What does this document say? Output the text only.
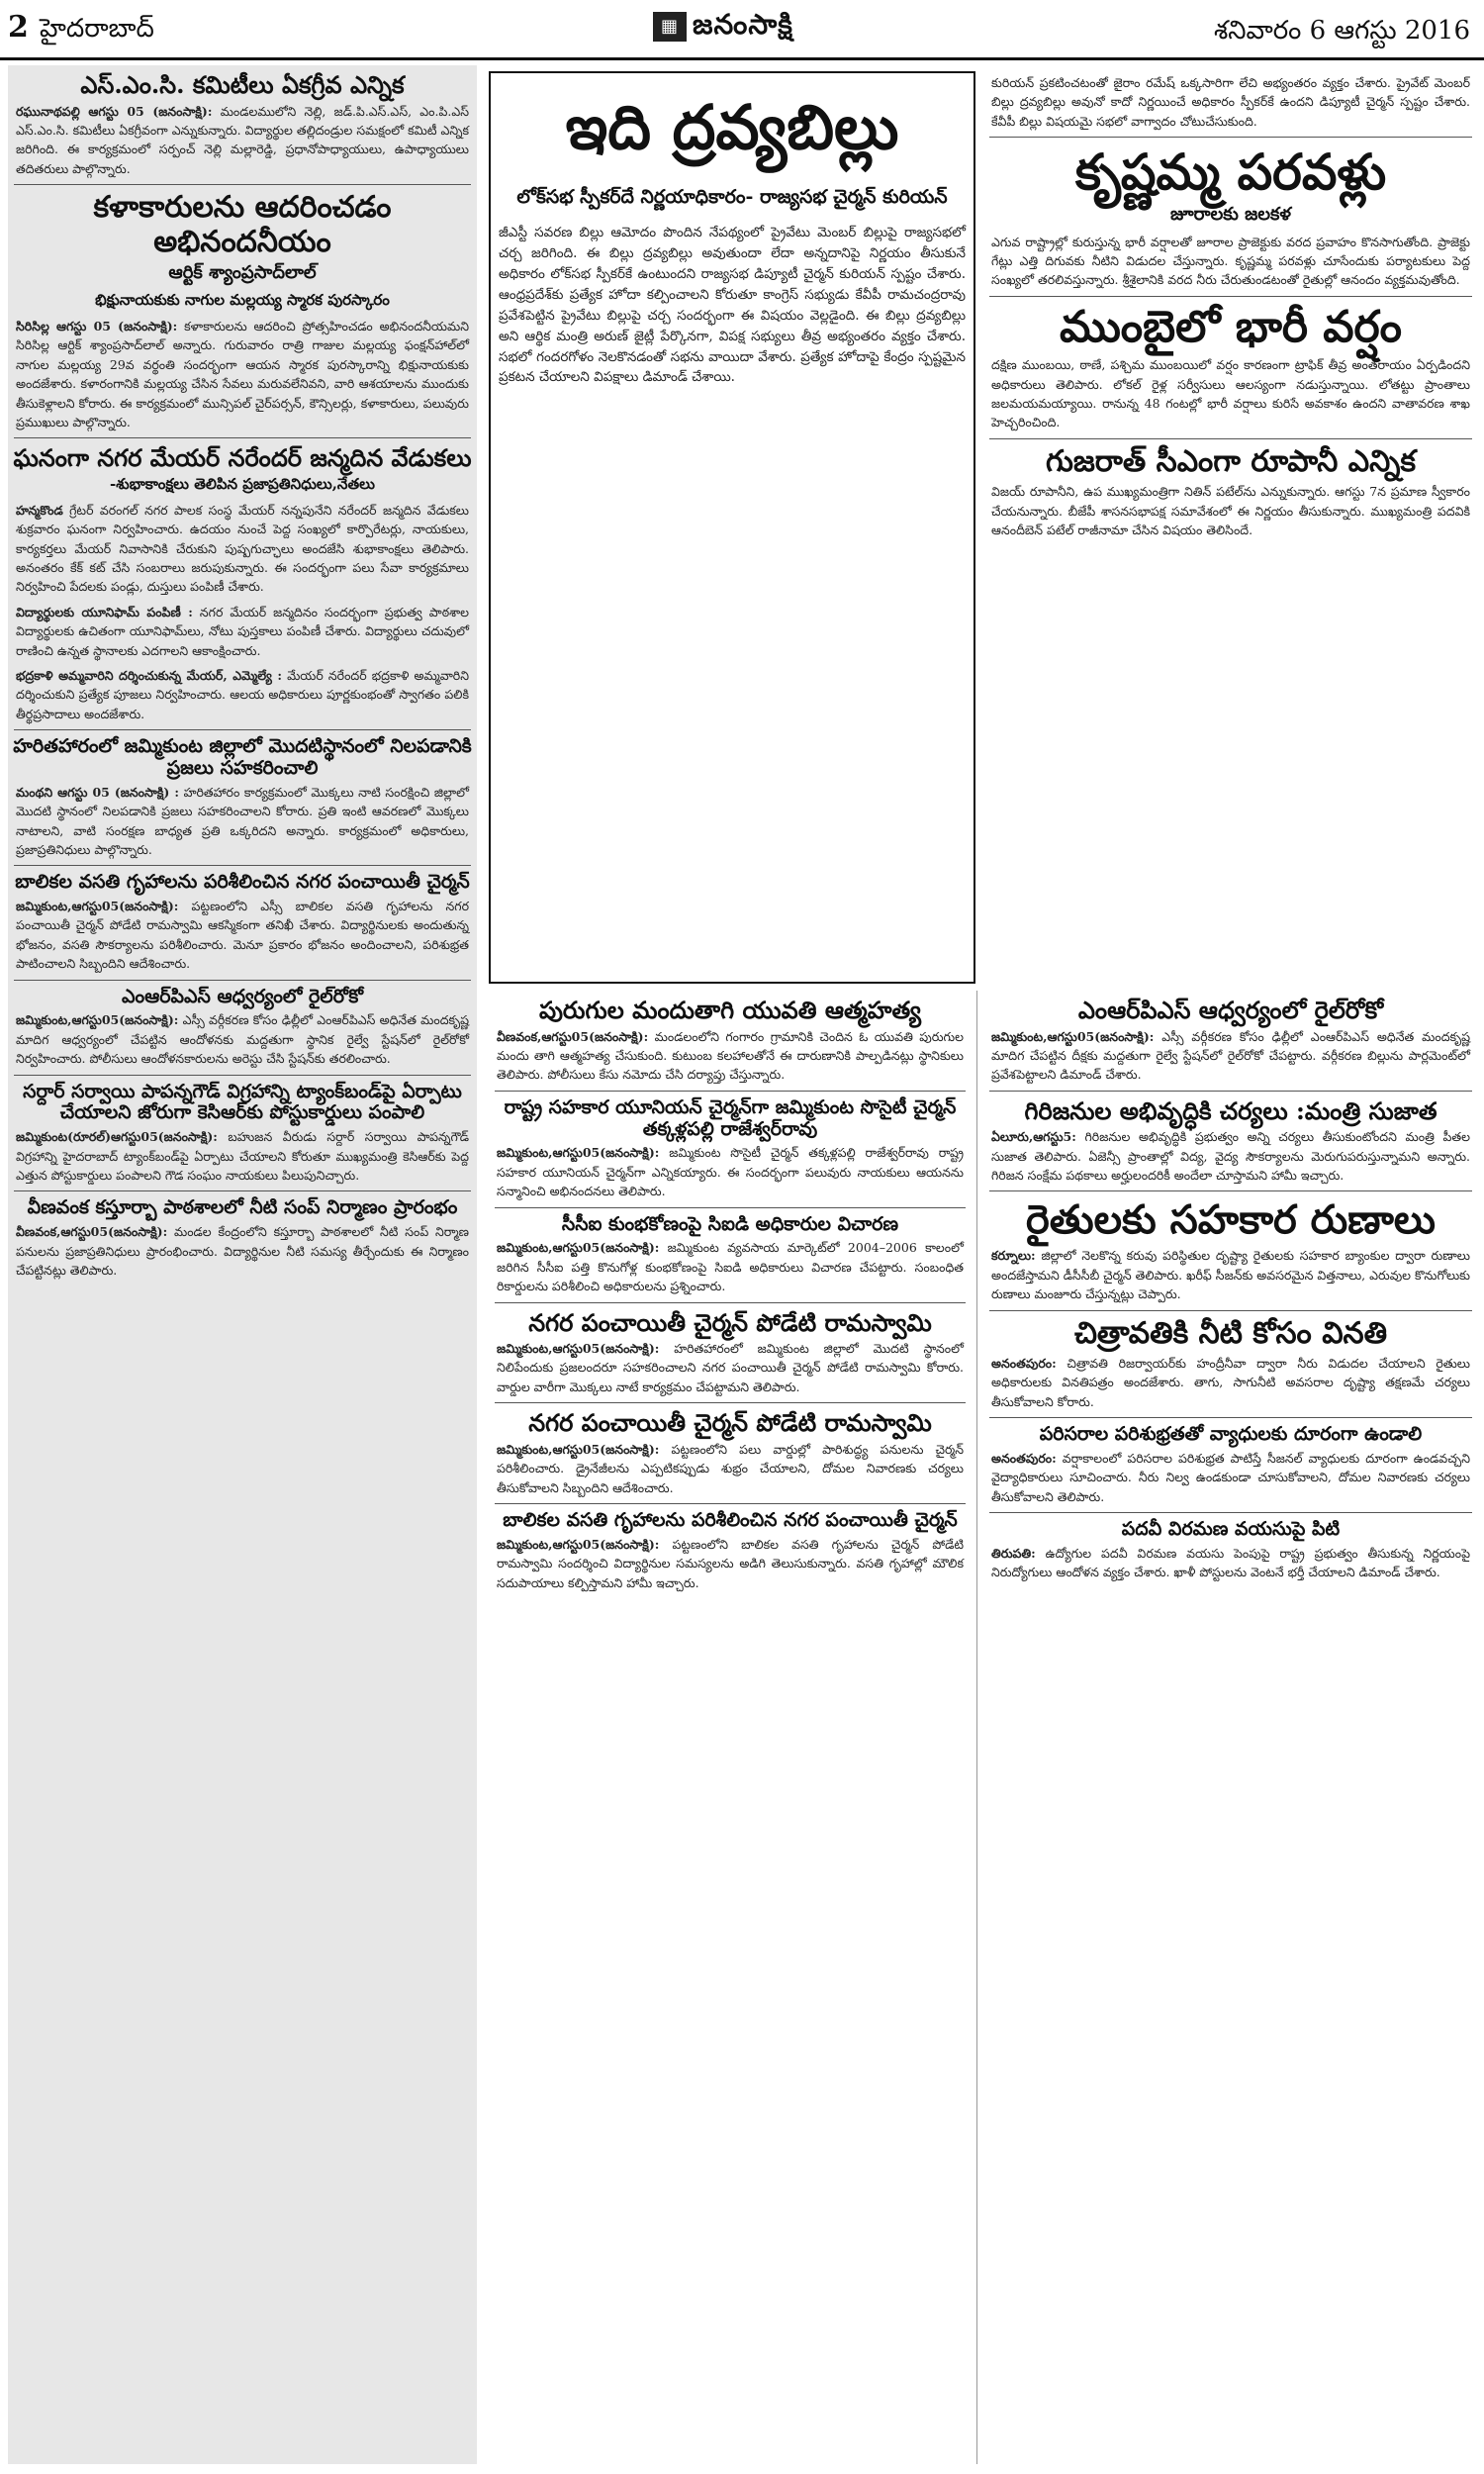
2 హైదరాబాద్	▦ జనంసాక్షి	శనివారం 6 ఆగస్టు 2016
ఎస్‌.ఎం.సి. కమిటీలు ఏకగ్రీవ ఎన్నిక
రఘునాథపల్లి ఆగస్టు 05 (జనంసాక్షి): మండలములోని నెల్లి, జడ్‌.పి.ఎస్‌.ఎస్‌, ఎం.పి.ఎస్‌ ఎస్‌.ఎం.సి. కమిటీలు ఏకగ్రీవంగా ఎన్నుకున్నారు. విద్యార్థుల తల్లిదండ్రుల సమక్షంలో కమిటీ ఎన్నిక జరిగింది. ఈ కార్యక్రమంలో సర్పంచ్‌ నెల్లి మల్లారెడ్డి, ప్రధానోపాధ్యాయులు, ఉపాధ్యాయులు తదితరులు పాల్గొన్నారు.
కళాకారులను ఆదరించడం అభినందనీయం
ఆర్టిక్‌ శ్యాంప్రసాద్‌లాల్‌
భిక్షునాయకుకు నాగుల మల్లయ్య స్మారక పురస్కారం
సిరిసిల్ల ఆగస్టు 05 (జనంసాక్షి): కళాకారులను ఆదరించి ప్రోత్సహించడం అభినందనీయమని సిరిసిల్ల ఆర్టిక్‌ శ్యాంప్రసాద్‌లాల్‌ అన్నారు. గురువారం రాత్రి గాజుల మల్లయ్య ఫంక్షన్‌హాల్‌లో నాగుల మల్లయ్య 29వ వర్థంతి సందర్భంగా ఆయన స్మారక పురస్కారాన్ని భిక్షునాయకుకు అందజేశారు. కళారంగానికి మల్లయ్య చేసిన సేవలు మరువలేనివని, వారి ఆశయాలను ముందుకు తీసుకెళ్లాలని కోరారు. ఈ కార్యక్రమంలో మున్సిపల్‌ చైర్‌పర్సన్‌, కౌన్సిలర్లు, కళాకారులు, పలువురు ప్రముఖులు పాల్గొన్నారు.
ఘనంగా నగర మేయర్‌ నరేందర్‌ జన్మదిన వేడుకలు
-శుభాకాంక్షలు తెలిపిన ప్రజాప్రతినిధులు,నేతలు
హన్మకొండ గ్రేటర్‌ వరంగల్‌ నగర పాలక సంస్థ మేయర్‌ నన్నపునేని నరేందర్‌ జన్మదిన వేడుకలు శుక్రవారం ఘనంగా నిర్వహించారు. ఉదయం నుంచే పెద్ద సంఖ్యలో కార్పొరేటర్లు, నాయకులు, కార్యకర్తలు మేయర్‌ నివాసానికి చేరుకుని పుష్పగుచ్ఛాలు అందజేసి శుభాకాంక్షలు తెలిపారు. అనంతరం కేక్‌ కట్‌ చేసి సంబరాలు జరుపుకున్నారు. ఈ సందర్భంగా పలు సేవా కార్యక్రమాలు నిర్వహించి పేదలకు పండ్లు, దుస్తులు పంపిణీ చేశారు.
విద్యార్థులకు యూనిఫామ్‌ పంపిణీ : నగర మేయర్‌ జన్మదినం సందర్భంగా ప్రభుత్వ పాఠశాల విద్యార్థులకు ఉచితంగా యూనిఫామ్‌లు, నోటు పుస్తకాలు పంపిణీ చేశారు. విద్యార్థులు చదువులో రాణించి ఉన్నత స్థానాలకు ఎదగాలని ఆకాంక్షించారు.
భద్రకాళి అమ్మవారిని దర్శించుకున్న మేయర్‌, ఎమ్మెల్యే : మేయర్‌ నరేందర్‌ భద్రకాళి అమ్మవారిని దర్శించుకుని ప్రత్యేక పూజలు నిర్వహించారు. ఆలయ అధికారులు పూర్ణకుంభంతో స్వాగతం పలికి తీర్థప్రసాదాలు అందజేశారు.
హరితహారంలో జమ్మికుంట జిల్లాలో మొదటిస్థానంలో నిలపడానికి ప్రజలు సహకరించాలి
మంథని ఆగస్టు 05 (జనంసాక్షి) : హరితహారం కార్యక్రమంలో మొక్కలు నాటి సంరక్షించి జిల్లాలో మొదటి స్థానంలో నిలపడానికి ప్రజలు సహకరించాలని కోరారు. ప్రతి ఇంటి ఆవరణలో మొక్కలు నాటాలని, వాటి సంరక్షణ బాధ్యత ప్రతి ఒక్కరిదని అన్నారు. కార్యక్రమంలో అధికారులు, ప్రజాప్రతినిధులు పాల్గొన్నారు.
బాలికల వసతి గృహాలను పరిశీలించిన నగర పంచాయితీ చైర్మన్‌
జమ్మికుంట,ఆగస్టు05(జనంసాక్షి): పట్టణంలోని ఎస్సీ బాలికల వసతి గృహాలను నగర పంచాయితీ చైర్మన్‌ పోడేటి రామస్వామి ఆకస్మికంగా తనిఖీ చేశారు. విద్యార్థినులకు అందుతున్న భోజనం, వసతి సౌకర్యాలను పరిశీలించారు. మెనూ ప్రకారం భోజనం అందించాలని, పరిశుభ్రత పాటించాలని సిబ్బందిని ఆదేశించారు.
ఎంఆర్‌పిఎస్‌ ఆధ్వర్యంలో రైల్‌రోకో
జమ్మికుంట,ఆగస్టు05(జనంసాక్షి): ఎస్సీ వర్గీకరణ కోసం ఢిల్లీలో ఎంఆర్‌పిఎస్‌ అధినేత మందకృష్ణ మాదిగ ఆధ్వర్యంలో చేపట్టిన ఆందోళనకు మద్దతుగా స్థానిక రైల్వే స్టేషన్‌లో రైల్‌రోకో నిర్వహించారు. పోలీసులు ఆందోళనకారులను అరెస్టు చేసి స్టేషన్‌కు తరలించారు.
సర్దార్‌ సర్వాయి పాపన్నగౌడ్‌ విగ్రహాన్ని ట్యాంక్‌బండ్‌పై ఏర్పాటు చేయాలని జోరుగా కెసిఆర్‌కు పోస్టుకార్డులు పంపాలి
జమ్మికుంట(రూరల్‌)ఆగస్టు05(జనంసాక్షి): బహుజన వీరుడు సర్దార్‌ సర్వాయి పాపన్నగౌడ్‌ విగ్రహాన్ని హైదరాబాద్‌ ట్యాంక్‌బండ్‌పై ఏర్పాటు చేయాలని కోరుతూ ముఖ్యమంత్రి కెసిఆర్‌కు పెద్ద ఎత్తున పోస్టుకార్డులు పంపాలని గౌడ సంఘం నాయకులు పిలుపునిచ్చారు.
వీణవంక కస్తూర్బా పాఠశాలలో నీటి సంప్‌ నిర్మాణం ప్రారంభం
వీణవంక,ఆగస్టు05(జనంసాక్షి): మండల కేంద్రంలోని కస్తూర్బా పాఠశాలలో నీటి సంప్‌ నిర్మాణ పనులను ప్రజాప్రతినిధులు ప్రారంభించారు. విద్యార్థినుల నీటి సమస్య తీర్చేందుకు ఈ నిర్మాణం చేపట్టినట్లు తెలిపారు.
ఇది ద్రవ్యబిల్లు
లోక్‌సభ స్పీకర్‌దే నిర్ణయాధికారం- రాజ్యసభ చైర్మన్‌ కురియన్‌
జీఎస్టీ సవరణ బిల్లు ఆమోదం పొందిన నేపథ్యంలో ప్రైవేటు మెంబర్‌ బిల్లుపై రాజ్యసభలో చర్చ జరిగింది. ఈ బిల్లు ద్రవ్యబిల్లు అవుతుందా లేదా అన్నదానిపై నిర్ణయం తీసుకునే అధికారం లోక్‌సభ స్పీకర్‌కే ఉంటుందని రాజ్యసభ డిప్యూటీ చైర్మన్‌ కురియన్‌ స్పష్టం చేశారు. ఆంధ్రప్రదేశ్‌కు ప్రత్యేక హోదా కల్పించాలని కోరుతూ కాంగ్రెస్‌ సభ్యుడు కేవీపీ రామచంద్రరావు ప్రవేశపెట్టిన ప్రైవేటు బిల్లుపై చర్చ సందర్భంగా ఈ విషయం వెల్లడైంది. ఈ బిల్లు ద్రవ్యబిల్లు అని ఆర్థిక మంత్రి అరుణ్‌ జైట్లీ పేర్కొనగా, విపక్ష సభ్యులు తీవ్ర అభ్యంతరం వ్యక్తం చేశారు. సభలో గందరగోళం నెలకొనడంతో సభను వాయిదా వేశారు. ప్రత్యేక హోదాపై కేంద్రం స్పష్టమైన ప్రకటన చేయాలని విపక్షాలు డిమాండ్‌ చేశాయి.
కురియన్‌ ప్రకటించటంతో జైరాం రమేష్‌ ఒక్కసారిగా లేచి అభ్యంతరం వ్యక్తం చేశారు. ప్రైవేట్‌ మెంబర్‌ బిల్లు ద్రవ్యబిల్లు అవునో కాదో నిర్ణయించే అధికారం స్పీకర్‌కే ఉందని డిప్యూటీ చైర్మన్‌ స్పష్టం చేశారు. కేవీపీ బిల్లు విషయమై సభలో వాగ్వాదం చోటుచేసుకుంది.
కృష్ణమ్మ పరవళ్లు
జూరాలకు జలకళ
ఎగువ రాష్ట్రాల్లో కురుస్తున్న భారీ వర్షాలతో జూరాల ప్రాజెక్టుకు వరద ప్రవాహం కొనసాగుతోంది. ప్రాజెక్టు గేట్లు ఎత్తి దిగువకు నీటిని విడుదల చేస్తున్నారు. కృష్ణమ్మ పరవళ్లు చూసేందుకు పర్యాటకులు పెద్ద సంఖ్యలో తరలివస్తున్నారు. శ్రీశైలానికి వరద నీరు చేరుతుండటంతో రైతుల్లో ఆనందం వ్యక్తమవుతోంది.
ముంబైలో భారీ వర్షం
దక్షిణ ముంబయి, ఠాణే, పశ్చిమ ముంబయిలో వర్షం కారణంగా ట్రాఫిక్‌ తీవ్ర అంతరాయం ఏర్పడిందని అధికారులు తెలిపారు. లోకల్‌ రైళ్ల సర్వీసులు ఆలస్యంగా నడుస్తున్నాయి. లోతట్టు ప్రాంతాలు జలమయమయ్యాయి. రానున్న 48 గంటల్లో భారీ వర్షాలు కురిసే అవకాశం ఉందని వాతావరణ శాఖ హెచ్చరించింది.
గుజరాత్‌ సీఎంగా రూపానీ ఎన్నిక
విజయ్‌ రూపానీని, ఉప ముఖ్యమంత్రిగా నితిన్‌ పటేల్‌ను ఎన్నుకున్నారు. ఆగస్టు 7న ప్రమాణ స్వీకారం చేయనున్నారు. బీజేపీ శాసనసభాపక్ష సమావేశంలో ఈ నిర్ణయం తీసుకున్నారు. ముఖ్యమంత్రి పదవికి ఆనందీబెన్‌ పటేల్‌ రాజీనామా చేసిన విషయం తెలిసిందే.
పురుగుల మందుతాగి యువతి ఆత్మహత్య
వీణవంక,ఆగస్టు05(జనంసాక్షి): మండలంలోని గంగారం గ్రామానికి చెందిన ఓ యువతి పురుగుల మందు తాగి ఆత్మహత్య చేసుకుంది. కుటుంబ కలహాలతోనే ఈ దారుణానికి పాల్పడినట్లు స్థానికులు తెలిపారు. పోలీసులు కేసు నమోదు చేసి దర్యాప్తు చేస్తున్నారు.
రాష్ట్ర సహకార యూనియన్‌ చైర్మన్‌గా జమ్మికుంట సొసైటీ చైర్మన్‌ తక్కళ్లపల్లి రాజేశ్వర్‌రావు
జమ్మికుంట,ఆగస్టు05(జనంసాక్షి): జమ్మికుంట సొసైటీ చైర్మన్‌ తక్కళ్లపల్లి రాజేశ్వర్‌రావు రాష్ట్ర సహకార యూనియన్‌ చైర్మన్‌గా ఎన్నికయ్యారు. ఈ సందర్భంగా పలువురు నాయకులు ఆయనను సన్మానించి అభినందనలు తెలిపారు.
సీసీఐ కుంభకోణంపై సిఐడి అధికారుల విచారణ
జమ్మికుంట,ఆగస్టు05(జనంసాక్షి): జమ్మికుంట వ్యవసాయ మార్కెట్‌లో 2004–2006 కాలంలో జరిగిన సీసీఐ పత్తి కొనుగోళ్ల కుంభకోణంపై సిఐడి అధికారులు విచారణ చేపట్టారు. సంబంధిత రికార్డులను పరిశీలించి అధికారులను ప్రశ్నించారు.
నగర పంచాయితీ చైర్మన్‌ పోడేటి రామస్వామి
జమ్మికుంట,ఆగస్టు05(జనంసాక్షి): హరితహారంలో జమ్మికుంట జిల్లాలో మొదటి స్థానంలో నిలిపేందుకు ప్రజలందరూ సహకరించాలని నగర పంచాయితీ చైర్మన్‌ పోడేటి రామస్వామి కోరారు. వార్డుల వారీగా మొక్కలు నాటే కార్యక్రమం చేపట్టామని తెలిపారు.
నగర పంచాయితీ చైర్మన్‌ పోడేటి రామస్వామి
జమ్మికుంట,ఆగస్టు05(జనంసాక్షి): పట్టణంలోని పలు వార్డుల్లో పారిశుద్ధ్య పనులను చైర్మన్‌ పరిశీలించారు. డ్రైనేజీలను ఎప్పటికప్పుడు శుభ్రం చేయాలని, దోమల నివారణకు చర్యలు తీసుకోవాలని సిబ్బందిని ఆదేశించారు.
బాలికల వసతి గృహాలను పరిశీలించిన నగర పంచాయితీ చైర్మన్‌
జమ్మికుంట,ఆగస్టు05(జనంసాక్షి): పట్టణంలోని బాలికల వసతి గృహాలను చైర్మన్‌ పోడేటి రామస్వామి సందర్శించి విద్యార్థినుల సమస్యలను అడిగి తెలుసుకున్నారు. వసతి గృహాల్లో మౌలిక సదుపాయాలు కల్పిస్తామని హామీ ఇచ్చారు.
ఎంఆర్‌పిఎస్‌ ఆధ్వర్యంలో రైల్‌రోకో
జమ్మికుంట,ఆగస్టు05(జనంసాక్షి): ఎస్సీ వర్గీకరణ కోసం ఢిల్లీలో ఎంఆర్‌పిఎస్‌ అధినేత మందకృష్ణ మాదిగ చేపట్టిన దీక్షకు మద్దతుగా రైల్వే స్టేషన్‌లో రైల్‌రోకో చేపట్టారు. వర్గీకరణ బిల్లును పార్లమెంట్‌లో ప్రవేశపెట్టాలని డిమాండ్‌ చేశారు.
గిరిజనుల అభివృద్ధికి చర్యలు :మంత్రి సుజాత
ఏలూరు,ఆగస్టు5: గిరిజనుల అభివృద్ధికి ప్రభుత్వం అన్ని చర్యలు తీసుకుంటోందని మంత్రి పీతల సుజాత తెలిపారు. ఏజెన్సీ ప్రాంతాల్లో విద్య, వైద్య సౌకర్యాలను మెరుగుపరుస్తున్నామని అన్నారు. గిరిజన సంక్షేమ పథకాలు అర్హులందరికీ అందేలా చూస్తామని హామీ ఇచ్చారు.
రైతులకు సహకార రుణాలు
కర్నూలు: జిల్లాలో నెలకొన్న కరువు పరిస్థితుల దృష్ట్యా రైతులకు సహకార బ్యాంకుల ద్వారా రుణాలు అందజేస్తామని డీసీసీబీ చైర్మన్‌ తెలిపారు. ఖరీఫ్‌ సీజన్‌కు అవసరమైన విత్తనాలు, ఎరువుల కొనుగోలుకు రుణాలు మంజూరు చేస్తున్నట్లు చెప్పారు.
చిత్రావతికి నీటి కోసం వినతి
అనంతపురం: చిత్రావతి రిజర్వాయర్‌కు హంద్రీనీవా ద్వారా నీరు విడుదల చేయాలని రైతులు అధికారులకు వినతిపత్రం అందజేశారు. తాగు, సాగునీటి అవసరాల దృష్ట్యా తక్షణమే చర్యలు తీసుకోవాలని కోరారు.
పరిసరాల పరిశుభ్రతతో వ్యాధులకు దూరంగా ఉండాలి
అనంతపురం: వర్షాకాలంలో పరిసరాల పరిశుభ్రత పాటిస్తే సీజనల్‌ వ్యాధులకు దూరంగా ఉండవచ్చని వైద్యాధికారులు సూచించారు. నీరు నిల్వ ఉండకుండా చూసుకోవాలని, దోమల నివారణకు చర్యలు తీసుకోవాలని తెలిపారు.
పదవీ విరమణ వయసుపై పిటి
తిరుపతి: ఉద్యోగుల పదవీ విరమణ వయసు పెంపుపై రాష్ట్ర ప్రభుత్వం తీసుకున్న నిర్ణయంపై నిరుద్యోగులు ఆందోళన వ్యక్తం చేశారు. ఖాళీ పోస్టులను వెంటనే భర్తీ చేయాలని డిమాండ్‌ చేశారు.
